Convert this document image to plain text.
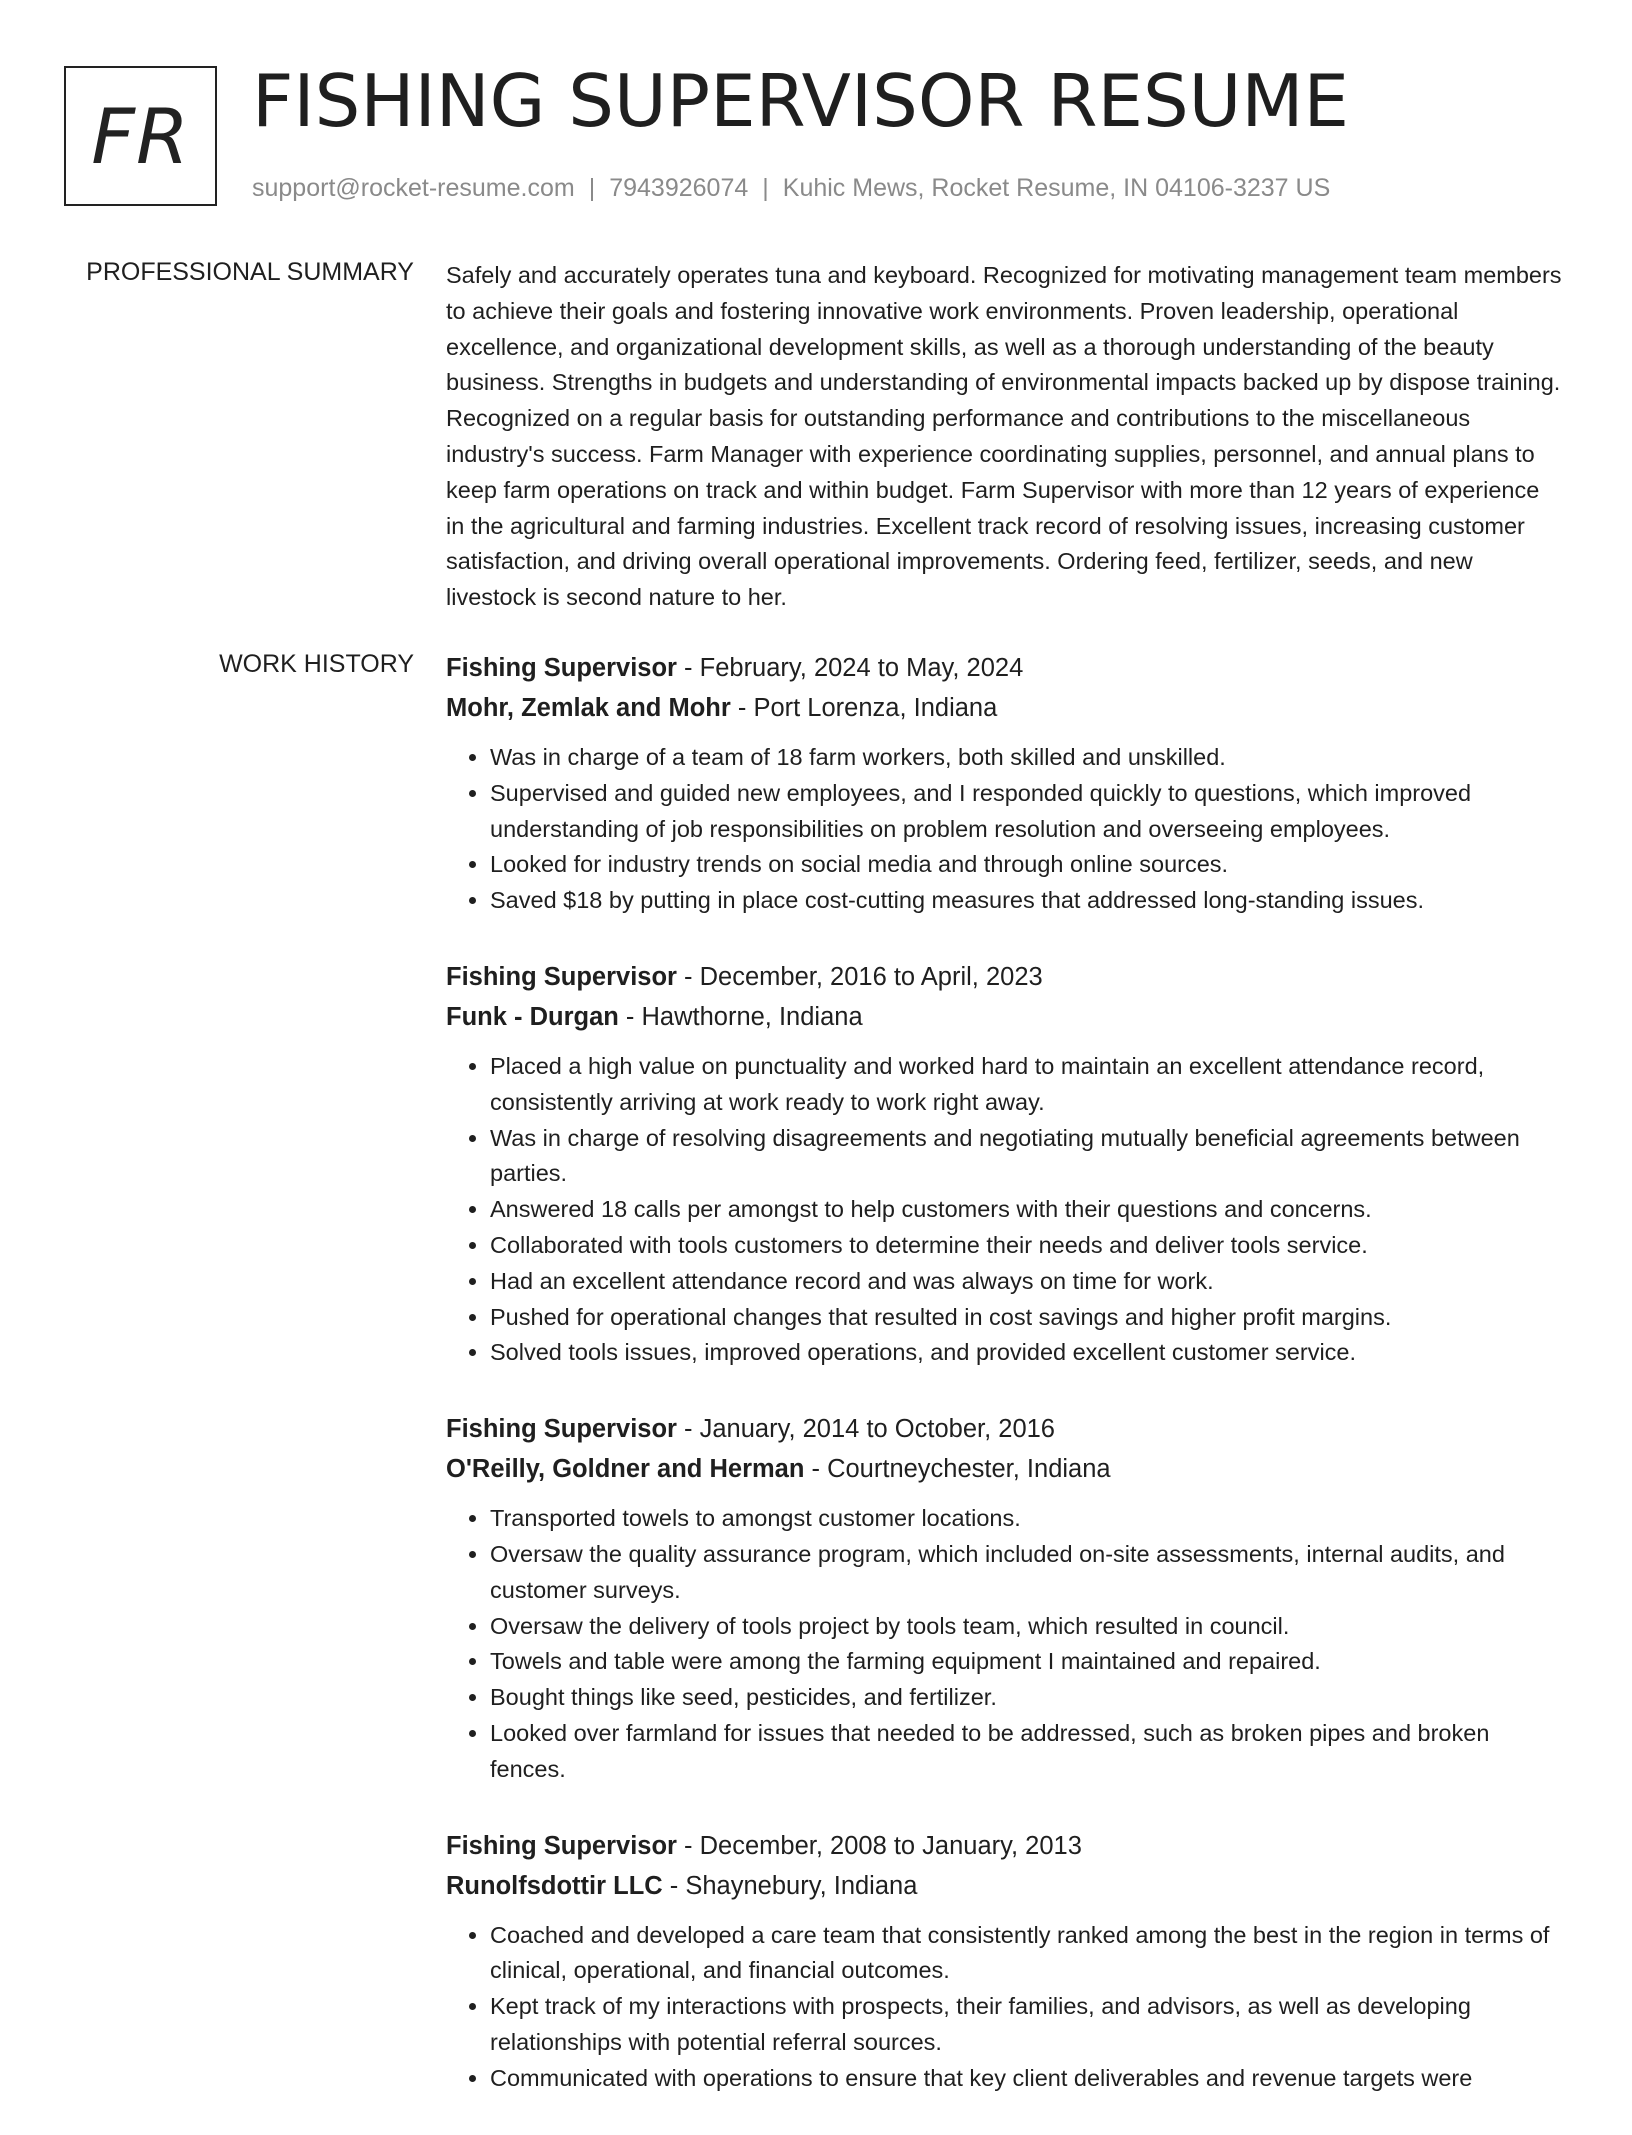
FR FISHING SUPERVISOR RESUME
support@rocket-resume.com | 7943926074 | Kuhic Mews, Rocket Resume, IN 04106-3237 US
PROFESSIONAL SUMMARY Safely and accurately operates tuna and keyboard. Recognized for motivating management team members to achieve their goals and fostering innovative work environments. Proven leadership, operational excellence, and organizational development skills, as well as a thorough understanding of the beauty business. Strengths in budgets and understanding of environmental impacts backed up by dispose training. Recognized on a regular basis for outstanding performance and contributions to the miscellaneous industry's success. Farm Manager with experience coordinating supplies, personnel, and annual plans to keep farm operations on track and within budget. Farm Supervisor with more than 12 years of experience in the agricultural and farming industries. Excellent track record of resolving issues, increasing customer satisfaction, and driving overall operational improvements. Ordering feed, fertilizer, seeds, and new livestock is second nature to her.

WORK HISTORY Fishing Supervisor - February, 2024 to May, 2024
Mohr, Zemlak and Mohr - Port Lorenza, Indiana
• Was in charge of a team of 18 farm workers, both skilled and unskilled.
• Supervised and guided new employees, and I responded quickly to questions, which improved understanding of job responsibilities on problem resolution and overseeing employees.
• Looked for industry trends on social media and through online sources.
• Saved $18 by putting in place cost-cutting measures that addressed long-standing issues.
Fishing Supervisor - December, 2016 to April, 2023
Funk - Durgan - Hawthorne, Indiana
• Placed a high value on punctuality and worked hard to maintain an excellent attendance record, consistently arriving at work ready to work right away.
• Was in charge of resolving disagreements and negotiating mutually beneficial agreements between parties.
• Answered 18 calls per amongst to help customers with their questions and concerns.
• Collaborated with tools customers to determine their needs and deliver tools service.
• Had an excellent attendance record and was always on time for work.
• Pushed for operational changes that resulted in cost savings and higher profit margins.
• Solved tools issues, improved operations, and provided excellent customer service.
Fishing Supervisor - January, 2014 to October, 2016
O'Reilly, Goldner and Herman - Courtneychester, Indiana
• Transported towels to amongst customer locations.
• Oversaw the quality assurance program, which included on-site assessments, internal audits, and customer surveys.
• Oversaw the delivery of tools project by tools team, which resulted in council.
• Towels and table were among the farming equipment I maintained and repaired.
• Bought things like seed, pesticides, and fertilizer.
• Looked over farmland for issues that needed to be addressed, such as broken pipes and broken fences.
Fishing Supervisor - December, 2008 to January, 2013
Runolfsdottir LLC - Shaynebury, Indiana
• Coached and developed a care team that consistently ranked among the best in the region in terms of clinical, operational, and financial outcomes.
• Kept track of my interactions with prospects, their families, and advisors, as well as developing relationships with potential referral sources.
• Communicated with operations to ensure that key client deliverables and revenue targets were
